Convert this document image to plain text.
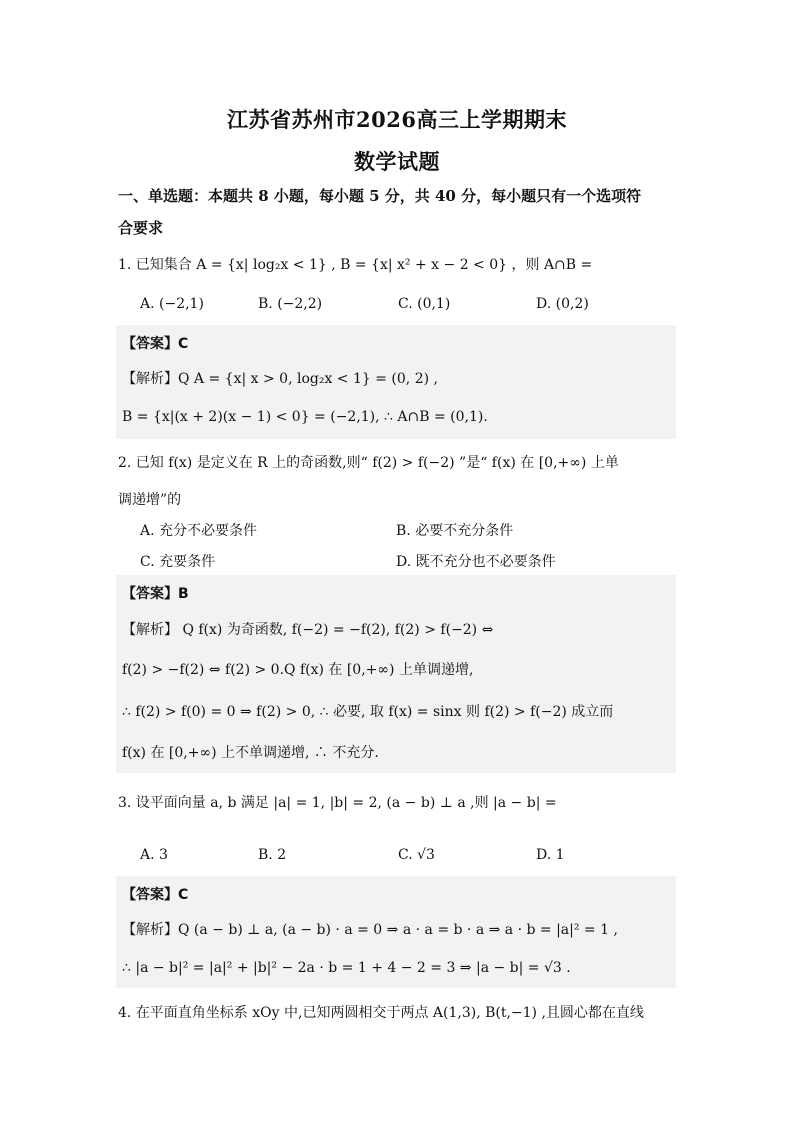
江苏省苏州市2026高三上学期期末
数学试题
一、单选题：本题共 8 小题，每小题 5 分，共 40 分，每小题只有一个选项符
合要求
1. 已知集合 A = {x| log₂x < 1} , B = {x| x² + x − 2 < 0} ，则 A∩B =
A. (−2,1)	B. (−2,2)	C. (0,1)	D. (0,2)
【答案】C
【解析】Q A = {x| x > 0, log₂x < 1} = (0, 2) ,
B = {x|(x + 2)(x − 1) < 0} = (−2,1), ∴ A∩B = (0,1).
2. 已知 f(x) 是定义在 R 上的奇函数,则“ f(2) > f(−2) ”是“ f(x) 在 [0,+∞) 上单
调递增”的
A. 充分不必要条件	B. 必要不充分条件
C. 充要条件	D. 既不充分也不必要条件
【答案】B
【解析】 Q f(x) 为奇函数, f(−2) = −f(2), f(2) > f(−2) ⇔
f(2) > −f(2) ⇔ f(2) > 0.Q f(x) 在 [0,+∞) 上单调递增,
∴ f(2) > f(0) = 0 ⇒ f(2) > 0, ∴ 必要, 取 f(x) = sinx 则 f(2) > f(−2) 成立而
f(x) 在 [0,+∞) 上不单调递增, ∴ 不充分.
3. 设平面向量 a, b 满足 |a| = 1, |b| = 2, (a − b) ⊥ a ,则 |a − b| =
A. 3	B. 2	C. √3	D. 1
【答案】C
【解析】Q (a − b) ⊥ a, (a − b) · a = 0 ⇒ a · a = b · a ⇒ a · b = |a|² = 1 ,
∴ |a − b|² = |a|² + |b|² − 2a · b = 1 + 4 − 2 = 3 ⇒ |a − b| = √3 .
4. 在平面直角坐标系 xOy 中,已知两圆相交于两点 A(1,3), B(t,−1) ,且圆心都在直线
